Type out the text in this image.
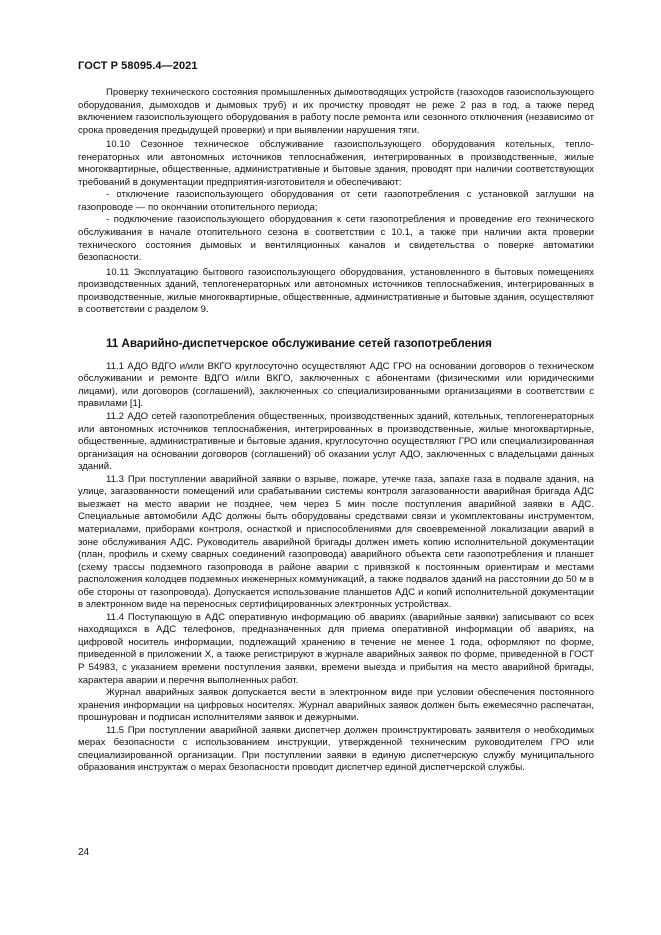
ГОСТ Р 58095.4—2021

Проверку технического состояния промышленных дымоотводящих устройств (газоходов газоиспользующего оборудования, дымоходов и дымовых труб) и их прочистку проводят не реже 2 раз в год, а также перед включением газоиспользующего оборудования в работу после ремонта или сезонного отключения (независимо от срока проведения предыдущей проверки) и при выявлении нарушения тяги.

10.10 Сезонное техническое обслуживание газоиспользующего оборудования котельных, теплогенераторных или автономных источников теплоснабжения, интегрированных в производственные, жилые многоквартирные, общественные, административные и бытовые здания, проводят при наличии соответствующих требований в документации предприятия-изготовителя и обеспечивают:

- отключение газоиспользующего оборудования от сети газопотребления с установкой заглушки на газопроводе — по окончании отопительного периода;

- подключение газоиспользующего оборудования к сети газопотребления и проведение его технического обслуживания в начале отопительного сезона в соответствии с 10.1, а также при наличии акта проверки технического состояния дымовых и вентиляционных каналов и свидетельства о поверке автоматики безопасности.

10.11 Эксплуатацию бытового газоиспользующего оборудования, установленного в бытовых помещениях производственных зданий, теплогенераторных или автономных источников теплоснабжения, интегрированных в производственные, жилые многоквартирные, общественные, административные и бытовые здания, осуществляют в соответствии с разделом 9.

11 Аварийно-диспетчерское обслуживание сетей газопотребления

11.1 АДО ВДГО и/или ВКГО круглосуточно осуществляют АДС ГРО на основании договоров о техническом обслуживании и ремонте ВДГО и/или ВКГО, заключенных с абонентами (физическими или юридическими лицами), или договоров (соглашений), заключенных со специализированными организациями в соответствии с правилами [1].

11.2 АДО сетей газопотребления общественных, производственных зданий, котельных, теплогенераторных или автономных источников теплоснабжения, интегрированных в производственные, жилые многоквартирные, общественные, административные и бытовые здания, круглосуточно осуществляют ГРО или специализированная организация на основании договоров (соглашений) об оказании услуг АДО, заключенных с владельцами данных зданий.

11.3 При поступлении аварийной заявки о взрыве, пожаре, утечке газа, запахе газа в подвале здания, на улице, загазованности помещений или срабатывании системы контроля загазованности аварийная бригада АДС выезжает на место аварии не позднее, чем через 5 мин после поступления аварийной заявки в АДС. Специальные автомобили АДС должны быть оборудованы средствами связи и укомплектованы инструментом, материалами, приборами контроля, оснасткой и приспособлениями для своевременной локализации аварий в зоне обслуживания АДС. Руководитель аварийной бригады должен иметь копию исполнительной документации (план, профиль и схему сварных соединений газопровода) аварийного объекта сети газопотребления и планшет (схему трассы подземного газопровода в районе аварии с привязкой к постоянным ориентирам и местами расположения колодцев подземных инженерных коммуникаций, а также подвалов зданий на расстоянии до 50 м в обе стороны от газопровода). Допускается использование планшетов АДС и копий исполнительной документации в электронном виде на переносных сертифицированных электронных устройствах.

11.4 Поступающую в АДС оперативную информацию об авариях (аварийные заявки) записывают со всех находящихся в АДС телефонов, предназначенных для приема оперативной информации об авариях, на цифровой носитель информации, подлежащий хранению в течение не менее 1 года, оформляют по форме, приведенной в приложении Х, а также регистрируют в журнале аварийных заявок по форме, приведенной в ГОСТ Р 54983, с указанием времени поступления заявки, времени выезда и прибытия на место аварийной бригады, характера аварии и перечня выполненных работ.

Журнал аварийных заявок допускается вести в электронном виде при условии обеспечения постоянного хранения информации на цифровых носителях. Журнал аварийных заявок должен быть ежемесячно распечатан, прошнурован и подписан исполнителями заявок и дежурными.

11.5 При поступлении аварийной заявки диспетчер должен проинструктировать заявителя о необходимых мерах безопасности с использованием инструкции, утвержденной техническим руководителем ГРО или специализированной организации. При поступлении заявки в единую диспетчерскую службу муниципального образования инструктаж о мерах безопасности проводит диспетчер единой диспетчерской службы.

24
